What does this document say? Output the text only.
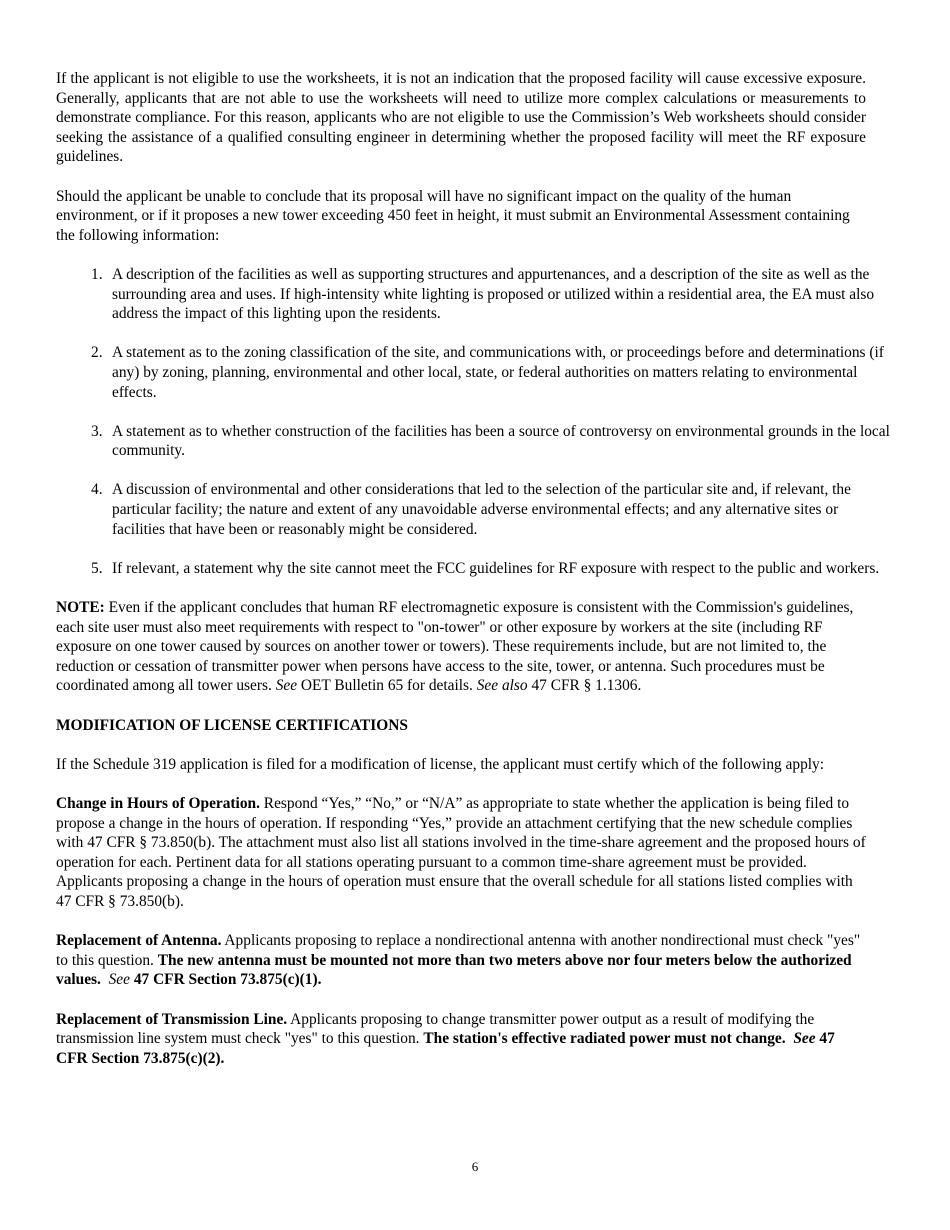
If the applicant is not eligible to use the worksheets, it is not an indication that the proposed facility will cause excessive exposure. Generally, applicants that are not able to use the worksheets will need to utilize more complex calculations or measurements to demonstrate compliance. For this reason, applicants who are not eligible to use the Commission’s Web worksheets should consider seeking the assistance of a qualified consulting engineer in determining whether the proposed facility will meet the RF exposure guidelines.

Should the applicant be unable to conclude that its proposal will have no significant impact on the quality of the human environment, or if it proposes a new tower exceeding 450 feet in height, it must submit an Environmental Assessment containing the following information:

1. A description of the facilities as well as supporting structures and appurtenances, and a description of the site as well as the surrounding area and uses. If high-intensity white lighting is proposed or utilized within a residential area, the EA must also address the impact of this lighting upon the residents.
2. A statement as to the zoning classification of the site, and communications with, or proceedings before and determinations (if any) by zoning, planning, environmental and other local, state, or federal authorities on matters relating to environmental effects.
3. A statement as to whether construction of the facilities has been a source of controversy on environmental grounds in the local community.
4. A discussion of environmental and other considerations that led to the selection of the particular site and, if relevant, the particular facility; the nature and extent of any unavoidable adverse environmental effects; and any alternative sites or facilities that have been or reasonably might be considered.
5. If relevant, a statement why the site cannot meet the FCC guidelines for RF exposure with respect to the public and workers.

NOTE: Even if the applicant concludes that human RF electromagnetic exposure is consistent with the Commission's guidelines, each site user must also meet requirements with respect to "on-tower" or other exposure by workers at the site (including RF exposure on one tower caused by sources on another tower or towers). These requirements include, but are not limited to, the reduction or cessation of transmitter power when persons have access to the site, tower, or antenna. Such procedures must be coordinated among all tower users. See OET Bulletin 65 for details. See also 47 CFR § 1.1306.

MODIFICATION OF LICENSE CERTIFICATIONS

If the Schedule 319 application is filed for a modification of license, the applicant must certify which of the following apply:

Change in Hours of Operation. Respond “Yes,” “No,” or “N/A” as appropriate to state whether the application is being filed to propose a change in the hours of operation. If responding “Yes,” provide an attachment certifying that the new schedule complies with 47 CFR § 73.850(b). The attachment must also list all stations involved in the time-share agreement and the proposed hours of operation for each. Pertinent data for all stations operating pursuant to a common time-share agreement must be provided. Applicants proposing a change in the hours of operation must ensure that the overall schedule for all stations listed complies with 47 CFR § 73.850(b).

Replacement of Antenna. Applicants proposing to replace a nondirectional antenna with another nondirectional must check "yes" to this question. The new antenna must be mounted not more than two meters above nor four meters below the authorized values. See 47 CFR Section 73.875(c)(1).

Replacement of Transmission Line. Applicants proposing to change transmitter power output as a result of modifying the transmission line system must check "yes" to this question. The station's effective radiated power must not change. See 47 CFR Section 73.875(c)(2).

6
